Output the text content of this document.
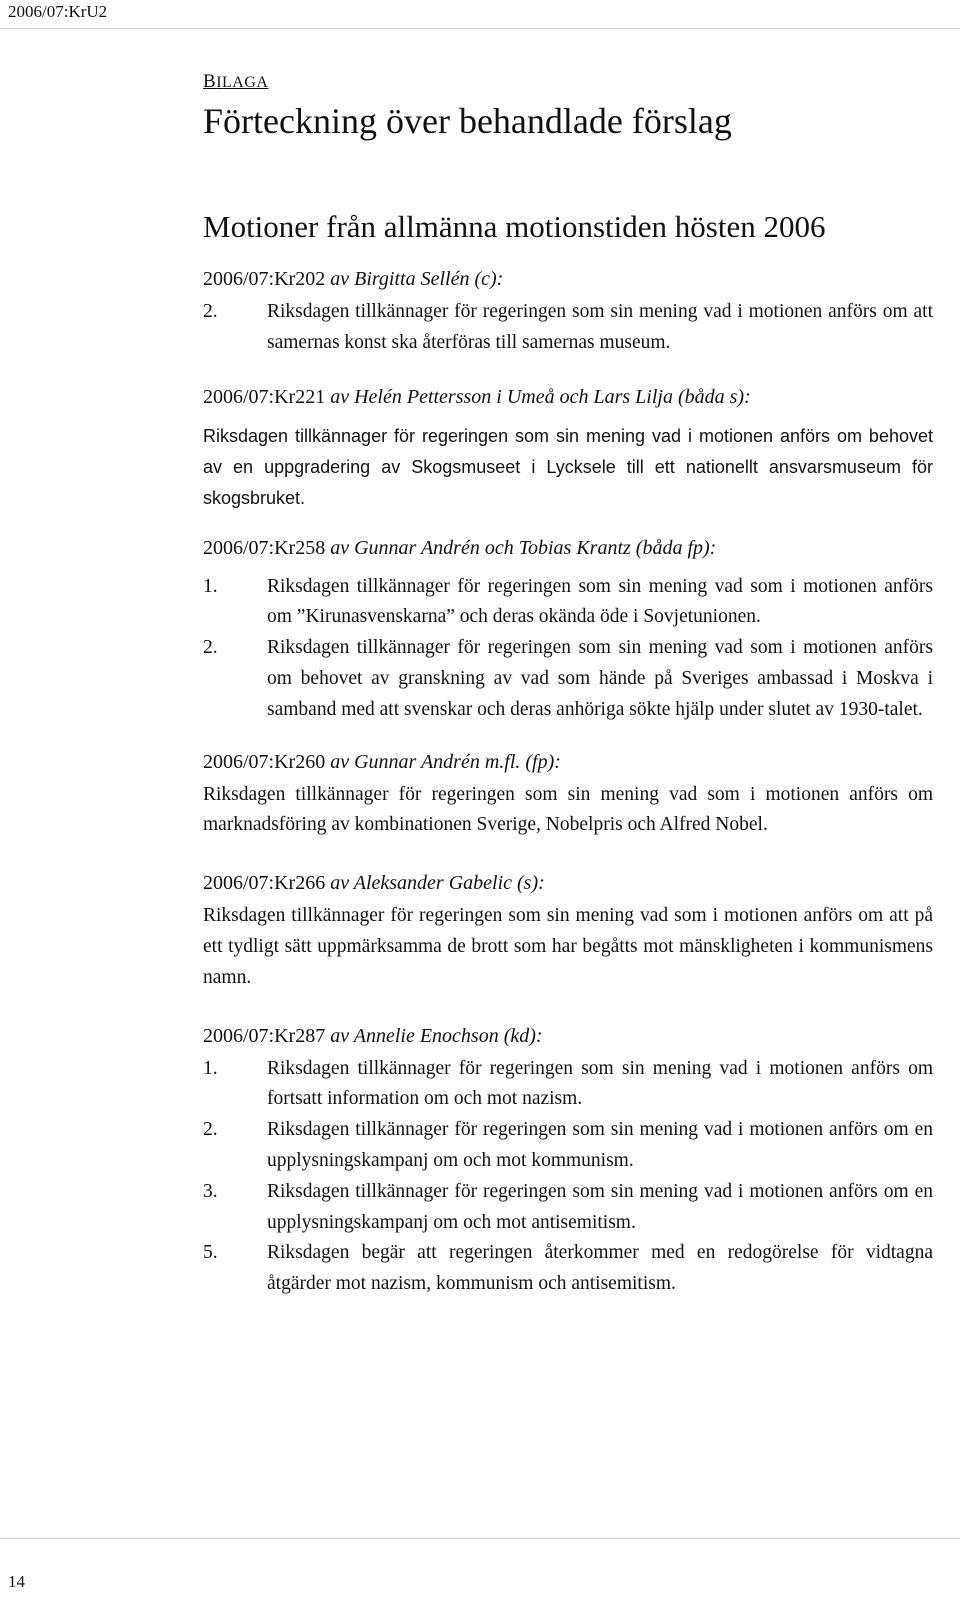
2006/07:KrU2

BILAGA

Förteckning över behandlade förslag
Motioner från allmänna motionstiden hösten 2006

2006/07:Kr202 av Birgitta Sellén (c):

2.	Riksdagen tillkännager för regeringen som sin mening vad i motionen anförs om att samernas konst ska återföras till samernas museum.

2006/07:Kr221 av Helén Pettersson i Umeå och Lars Lilja (båda s):

Riksdagen tillkännager för regeringen som sin mening vad i motionen anförs om behovet av en uppgradering av Skogsmuseet i Lycksele till ett nationellt ansvarsmuseum för skogsbruket.

2006/07:Kr258 av Gunnar Andrén och Tobias Krantz (båda fp):

1.	Riksdagen tillkännager för regeringen som sin mening vad som i motionen anförs om ”Kirunasvenskarna” och deras okända öde i Sovjetunionen.
2.	Riksdagen tillkännager för regeringen som sin mening vad som i motionen anförs om behovet av granskning av vad som hände på Sveriges ambassad i Moskva i samband med att svenskar och deras anhöriga sökte hjälp under slutet av 1930-talet.

2006/07:Kr260 av Gunnar Andrén m.fl. (fp):

Riksdagen tillkännager för regeringen som sin mening vad som i motionen anförs om marknadsföring av kombinationen Sverige, Nobelpris och Alfred Nobel.

2006/07:Kr266 av Aleksander Gabelic (s):

Riksdagen tillkännager för regeringen som sin mening vad som i motionen anförs om att på ett tydligt sätt uppmärksamma de brott som har begåtts mot mänskligheten i kommunismens namn.

2006/07:Kr287 av Annelie Enochson (kd):

1.	Riksdagen tillkännager för regeringen som sin mening vad i motionen anförs om fortsatt information om och mot nazism.
2.	Riksdagen tillkännager för regeringen som sin mening vad i motionen anförs om en upplysningskampanj om och mot kommunism.
3.	Riksdagen tillkännager för regeringen som sin mening vad i motionen anförs om en upplysningskampanj om och mot antisemitism.
5.	Riksdagen begär att regeringen återkommer med en redogörelse för vidtagna åtgärder mot nazism, kommunism och antisemitism.
14
